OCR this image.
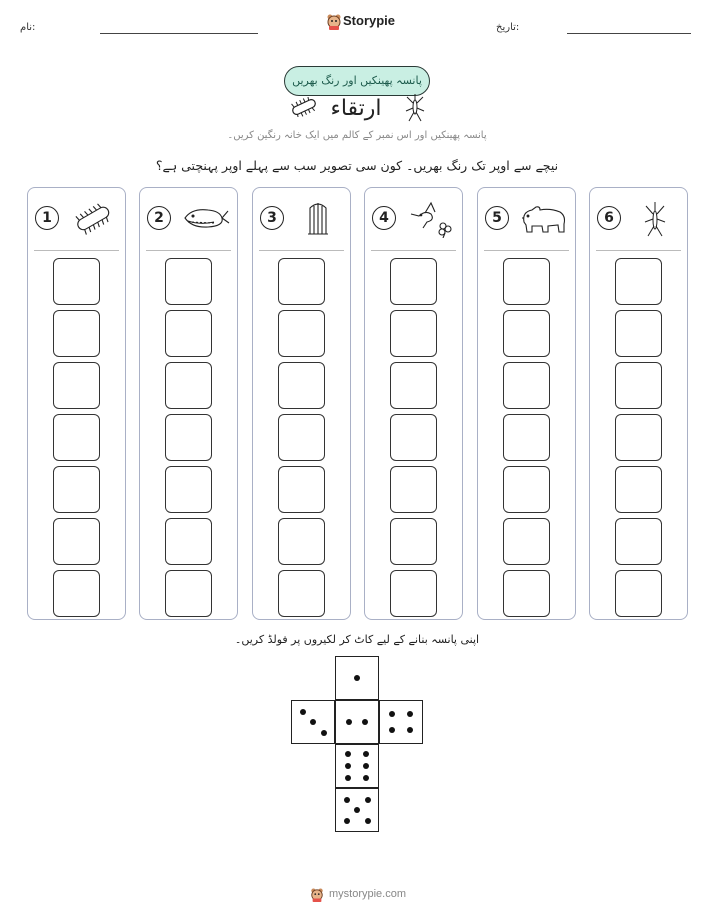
نام:	Storypie	تاریخ:
پانسہ پھینکیں اور رنگ بھریں
ارتقاء
پانسہ پھینکیں اور اس نمبر کے کالم میں ایک خانہ رنگین کریں۔
نیچے سے اوپر تک رنگ بھریں۔ کون سی تصویر سب سے پہلے اوپر پہنچتی ہے؟
1	2	3	4	5	6
اپنی پانسہ بنانے کے لیے کاٹ کر لکیروں پر فولڈ کریں۔
mystorypie.com
